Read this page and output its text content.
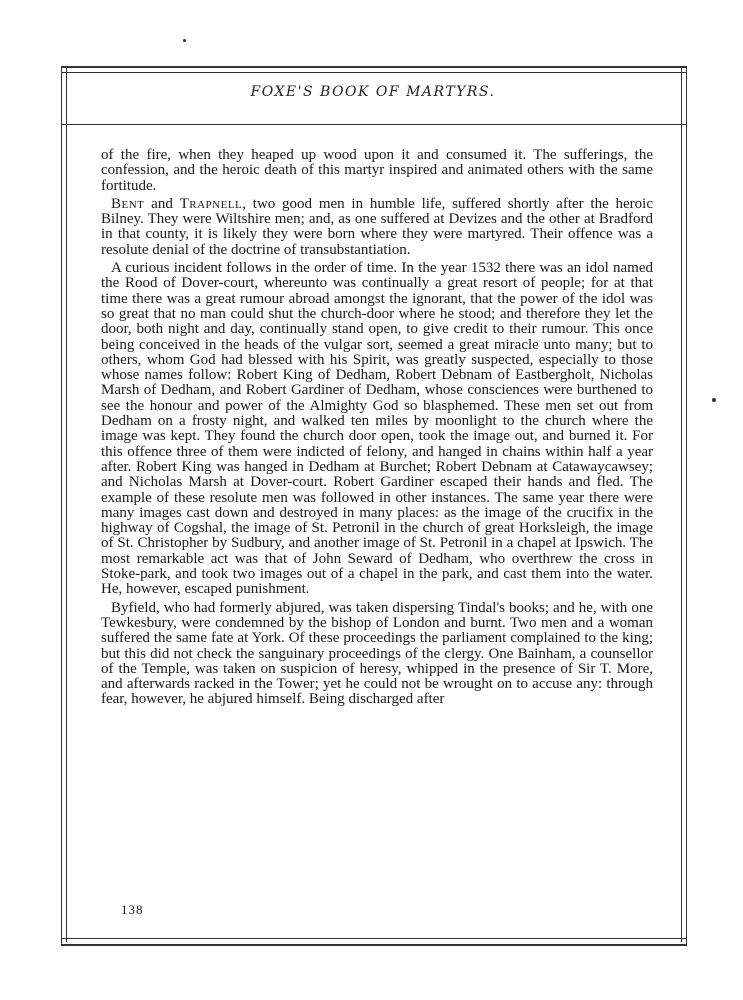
FOXE'S BOOK OF MARTYRS.

of the fire, when they heaped up wood upon it and consumed it. The sufferings, the confession, and the heroic death of this martyr inspired and animated others with the same fortitude.

Bent and Trapnell, two good men in humble life, suffered shortly after the heroic Bilney. They were Wiltshire men; and, as one suffered at Devizes and the other at Bradford in that county, it is likely they were born where they were martyred. Their offence was a resolute denial of the doctrine of transubstantiation.

A curious incident follows in the order of time. In the year 1532 there was an idol named the Rood of Dover-court, whereunto was continually a great resort of people; for at that time there was a great rumour abroad amongst the ignorant, that the power of the idol was so great that no man could shut the church-door where he stood; and therefore they let the door, both night and day, continually stand open, to give credit to their rumour. This once being conceived in the heads of the vulgar sort, seemed a great miracle unto many; but to others, whom God had blessed with his Spirit, was greatly suspected, especially to those whose names follow: Robert King of Dedham, Robert Debnam of Eastbergholt, Nicholas Marsh of Dedham, and Robert Gardiner of Dedham, whose consciences were burthened to see the honour and power of the Almighty God so blasphemed. These men set out from Dedham on a frosty night, and walked ten miles by moonlight to the church where the image was kept. They found the church door open, took the image out, and burned it. For this offence three of them were indicted of felony, and hanged in chains within half a year after. Robert King was hanged in Dedham at Burchet; Robert Debnam at Catawaycawsey; and Nicholas Marsh at Dover-court. Robert Gardiner escaped their hands and fled. The example of these resolute men was followed in other instances. The same year there were many images cast down and destroyed in many places: as the image of the crucifix in the highway of Cogshal, the image of St. Petronil in the church of great Horksleigh, the image of St. Christopher by Sudbury, and another image of St. Petronil in a chapel at Ipswich. The most remarkable act was that of John Seward of Dedham, who overthrew the cross in Stoke-park, and took two images out of a chapel in the park, and cast them into the water. He, however, escaped punishment.

Byfield, who had formerly abjured, was taken dispersing Tindal's books; and he, with one Tewkesbury, were condemned by the bishop of London and burnt. Two men and a woman suffered the same fate at York. Of these proceedings the parliament complained to the king; but this did not check the sanguinary proceedings of the clergy. One Bainham, a counsellor of the Temple, was taken on suspicion of heresy, whipped in the presence of Sir T. More, and afterwards racked in the Tower; yet he could not be wrought on to accuse any: through fear, however, he abjured himself. Being discharged after

138
